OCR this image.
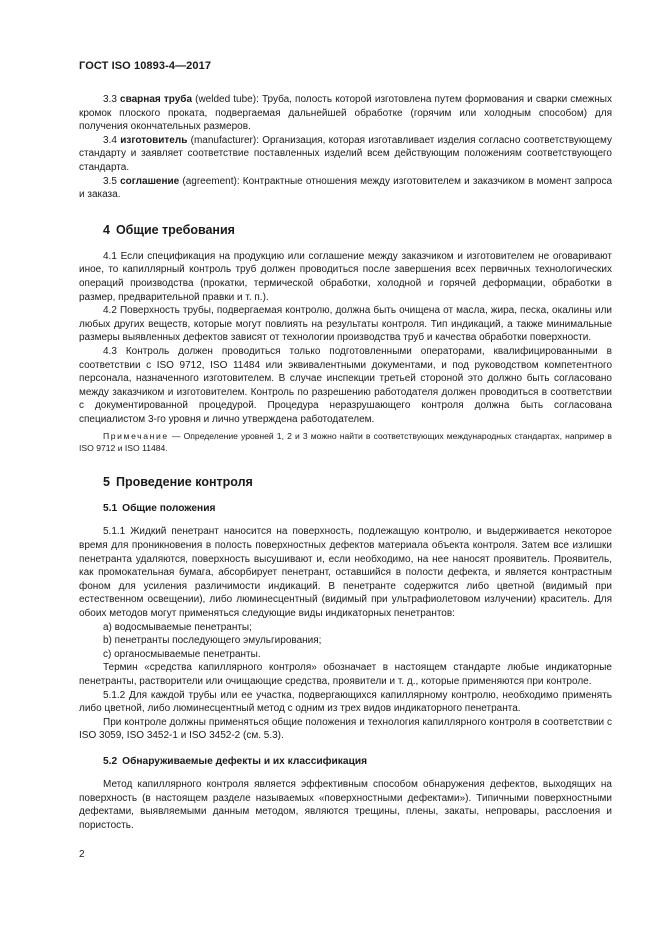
ГОСТ ISO 10893-4—2017

3.3 сварная труба (welded tube): Труба, полость которой изготовлена путем формования и сварки смежных кромок плоского проката, подвергаемая дальнейшей обработке (горячим или холодным способом) для получения окончательных размеров.

3.4 изготовитель (manufacturer): Организация, которая изготавливает изделия согласно соответствующему стандарту и заявляет соответствие поставленных изделий всем действующим положениям соответствующего стандарта.

3.5 соглашение (agreement): Контрактные отношения между изготовителем и заказчиком в момент запроса и заказа.

4 Общие требования

4.1 Если спецификация на продукцию или соглашение между заказчиком и изготовителем не оговаривают иное, то капиллярный контроль труб должен проводиться после завершения всех первичных технологических операций производства (прокатки, термической обработки, холодной и горячей деформации, обработки в размер, предварительной правки и т. п.).

4.2 Поверхность трубы, подвергаемая контролю, должна быть очищена от масла, жира, песка, окалины или любых других веществ, которые могут повлиять на результаты контроля. Тип индикаций, а также минимальные размеры выявленных дефектов зависят от технологии производства труб и качества обработки поверхности.

4.3 Контроль должен проводиться только подготовленными операторами, квалифицированными в соответствии с ISO 9712, ISO 11484 или эквивалентными документами, и под руководством компетентного персонала, назначенного изготовителем. В случае инспекции третьей стороной это должно быть согласовано между заказчиком и изготовителем. Контроль по разрешению работодателя должен проводиться в соответствии с документированной процедурой. Процедура неразрушающего контроля должна быть согласована специалистом 3-го уровня и лично утверждена работодателем.

Примечание — Определение уровней 1, 2 и 3 можно найти в соответствующих международных стандартах, например в ISO 9712 и ISO 11484.

5 Проведение контроля
5.1 Общие положения

5.1.1 Жидкий пенетрант наносится на поверхность, подлежащую контролю, и выдерживается некоторое время для проникновения в полость поверхностных дефектов материала объекта контроля. Затем все излишки пенетранта удаляются, поверхность высушивают и, если необходимо, на нее наносят проявитель. Проявитель, как промокательная бумага, абсорбирует пенетрант, оставшийся в полости дефекта, и является контрастным фоном для усиления различимости индикаций. В пенетранте содержится либо цветной (видимый при естественном освещении), либо люминесцентный (видимый при ультрафиолетовом излучении) краситель. Для обоих методов могут применяться следующие виды индикаторных пенетрантов:

a) водосмываемые пенетранты;

b) пенетранты последующего эмульгирования;

c) органосмываемые пенетранты.

Термин «средства капиллярного контроля» обозначает в настоящем стандарте любые индикаторные пенетранты, растворители или очищающие средства, проявители и т. д., которые применяются при контроле.

5.1.2 Для каждой трубы или ее участка, подвергающихся капиллярному контролю, необходимо применять либо цветной, либо люминесцентный метод с одним из трех видов индикаторного пенетранта.

При контроле должны применяться общие положения и технология капиллярного контроля в соответствии с ISO 3059, ISO 3452-1 и ISO 3452-2 (см. 5.3).

5.2 Обнаруживаемые дефекты и их классификация

Метод капиллярного контроля является эффективным способом обнаружения дефектов, выходящих на поверхность (в настоящем разделе называемых «поверхностными дефектами»). Типичными поверхностными дефектами, выявляемыми данным методом, являются трещины, плены, закаты, непровары, расслоения и пористость.

2
